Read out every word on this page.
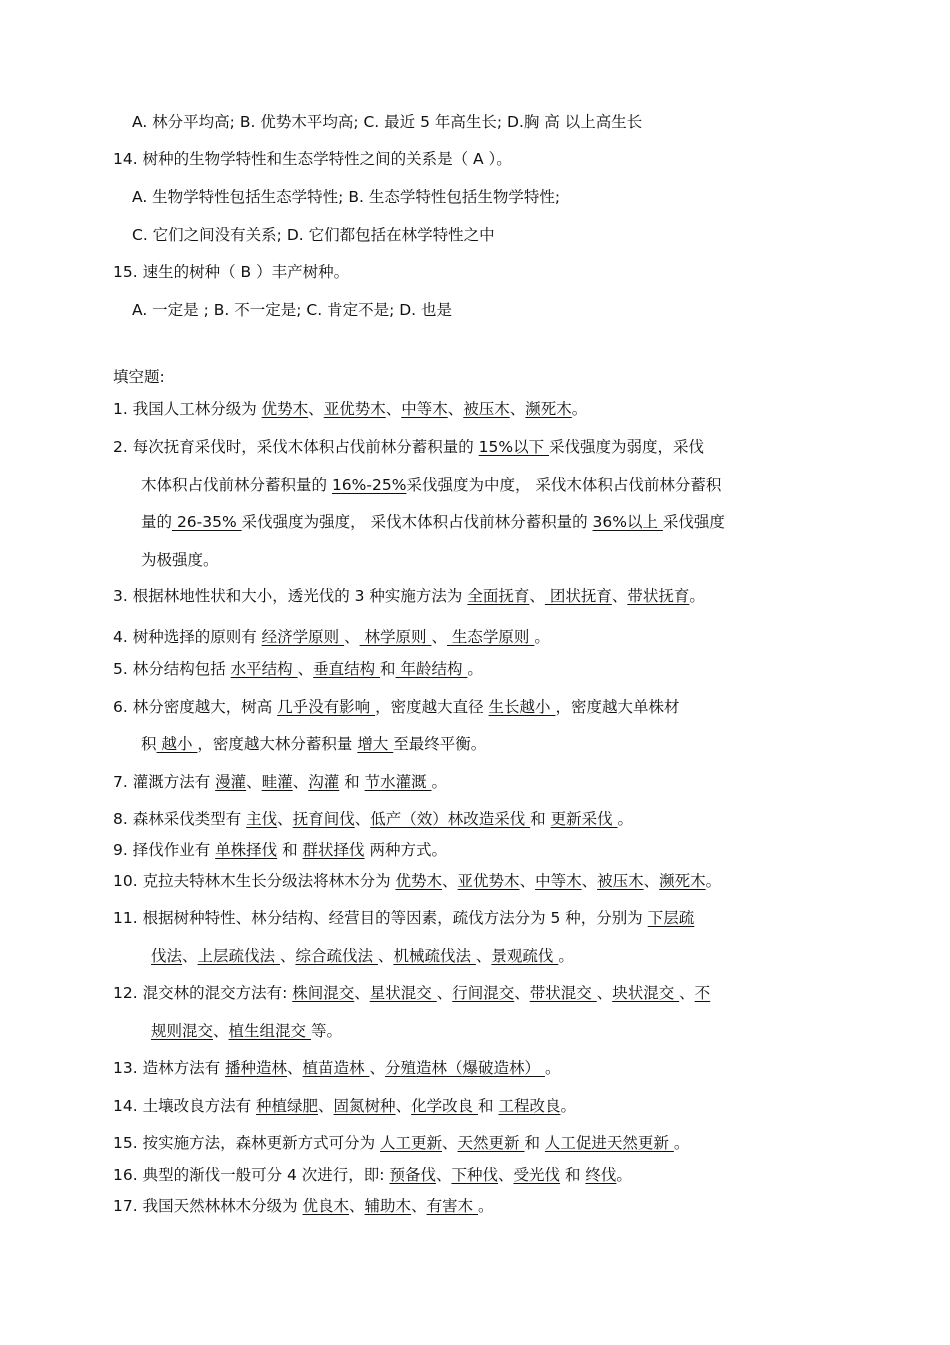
A. 林分平均高; B. 优势木平均高; C. 最近 5 年高生长; D.胸 高 以上高生长
14. 树种的生物学特性和生态学特性之间的关系是（ A ）。
A. 生物学特性包括生态学特性; B. 生态学特性包括生物学特性;
C. 它们之间没有关系; D. 它们都包括在林学特性之中
15. 速生的树种（ B ）丰产树种。
A. 一定是 ; B. 不一定是; C. 肯定不是; D. 也是
填空题:
1. 我国人工林分级为 优势木、亚优势木、中等木、被压木、濒死木。
2. 每次抚育采伐时，采伐木体积占伐前林分蓄积量的 15%以下 采伐强度为弱度，采伐
木体积占伐前林分蓄积量的 16%-25%采伐强度为中度， 采伐木体积占伐前林分蓄积
量的 26-35% 采伐强度为强度， 采伐木体积占伐前林分蓄积量的 36%以上 采伐强度
为极强度。
3. 根据林地性状和大小，透光伐的 3 种实施方法为 全面抚育、 团状抚育、带状抚育。
4. 树种选择的原则有 经济学原则 、 林学原则 、 生态学原则 。
5. 林分结构包括 水平结构 、垂直结构 和 年龄结构 。
6. 林分密度越大，树高 几乎没有影响 ，密度越大直径 生长越小 ，密度越大单株材
积 越小 ，密度越大林分蓄积量 增大 至最终平衡。
7. 灌溉方法有 漫灌、畦灌、沟灌 和 节水灌溉 。
8. 森林采伐类型有 主伐、抚育间伐、低产（效）林改造采伐 和 更新采伐 。
9. 择伐作业有 单株择伐 和 群状择伐 两种方式。
10. 克拉夫特林木生长分级法将林木分为 优势木、亚优势木、中等木、被压木、濒死木。
11. 根据树种特性、林分结构、经营目的等因素，疏伐方法分为 5 种，分别为 下层疏
伐法、上层疏伐法 、综合疏伐法 、机械疏伐法 、景观疏伐 。
12. 混交林的混交方法有: 株间混交、星状混交 、行间混交、带状混交 、块状混交 、不
规则混交、植生组混交 等。
13. 造林方法有 播种造林、植苗造林 、分殖造林（爆破造林） 。
14. 土壤改良方法有 种植绿肥、固氮树种、化学改良 和 工程改良。
15. 按实施方法，森林更新方式可分为 人工更新、天然更新 和 人工促进天然更新 。
16. 典型的渐伐一般可分 4 次进行，即: 预备伐、下种伐、受光伐 和 终伐。
17. 我国天然林林木分级为 优良木、辅助木、有害木 。
